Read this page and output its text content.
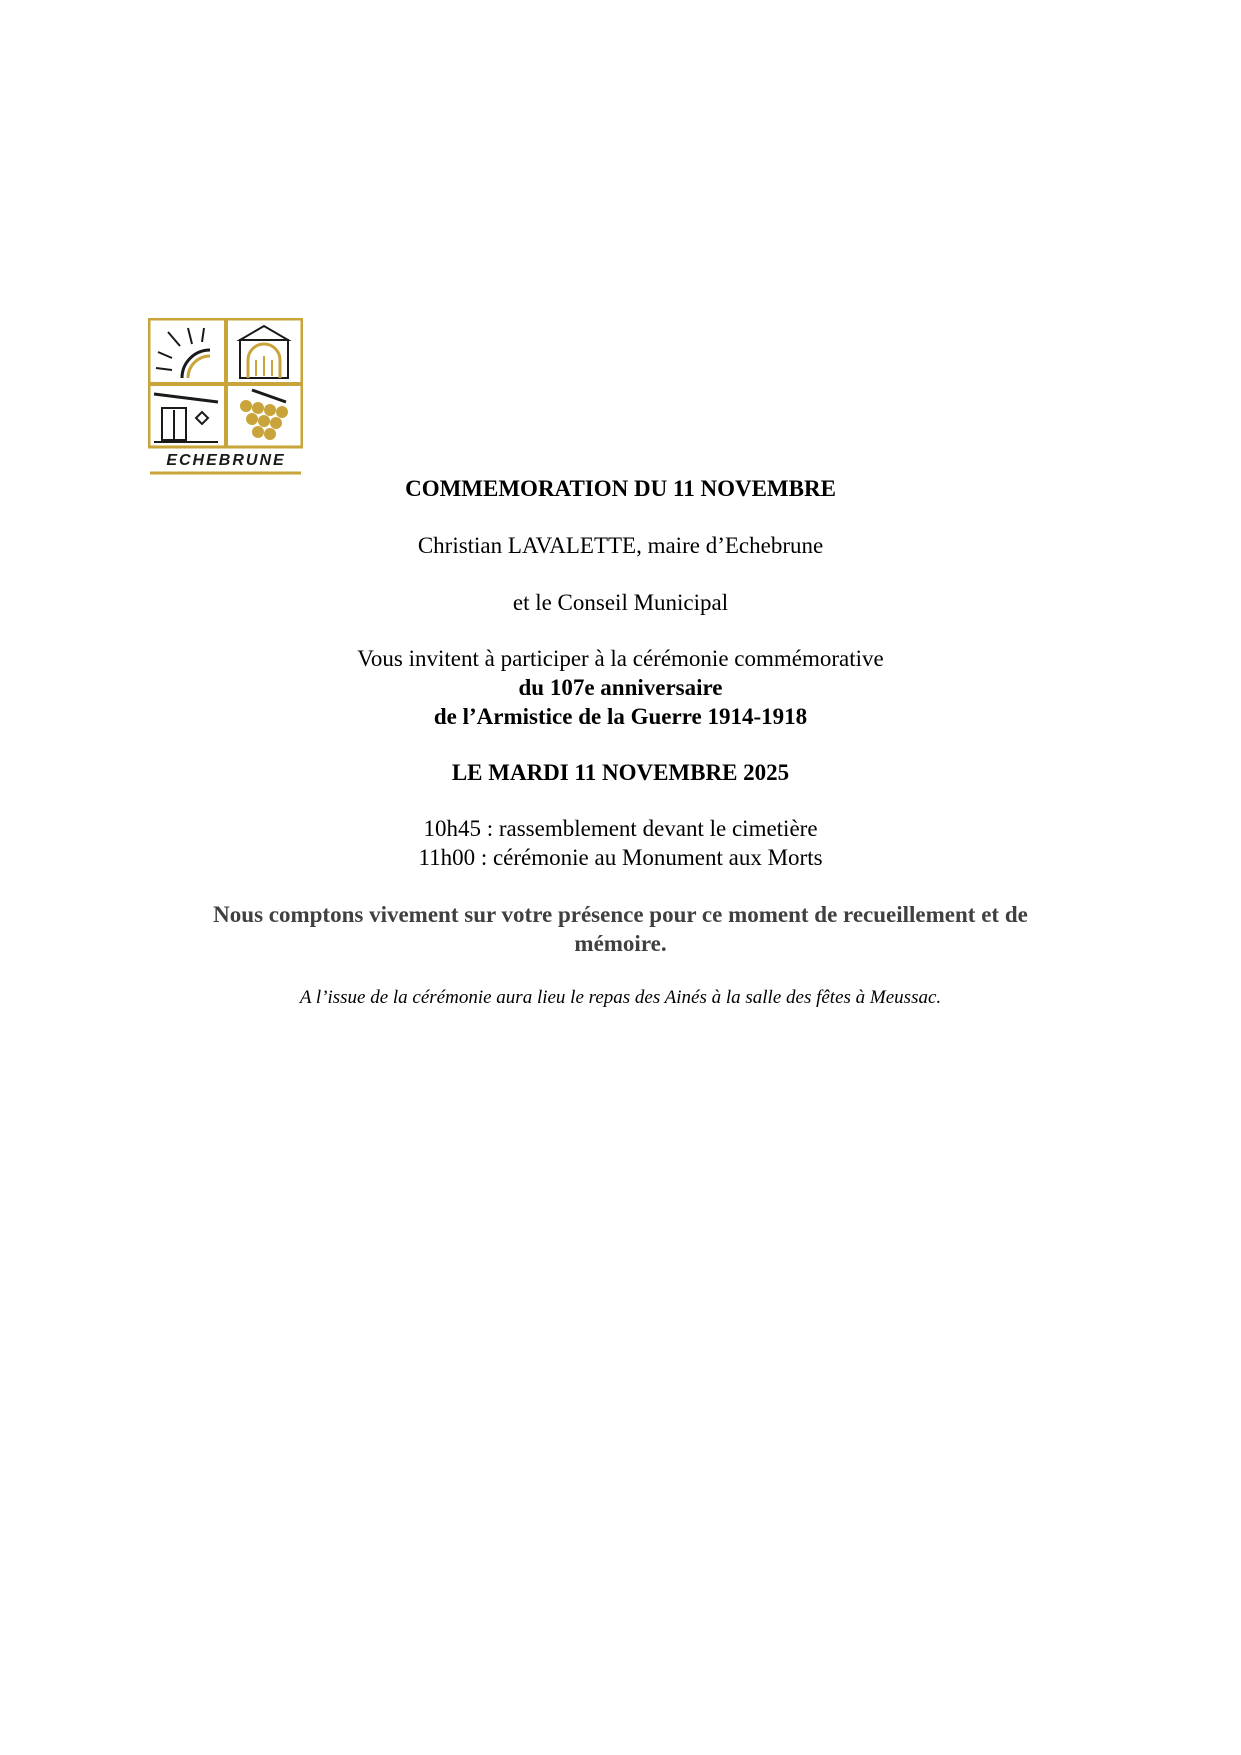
ECHEBRUNE

COMMEMORATION DU 11 NOVEMBRE

Christian LAVALETTE, maire d’Echebrune

et le Conseil Municipal

Vous invitent à participer à la cérémonie commémorative

du 107e anniversaire

de l’Armistice de la Guerre 1914-1918

LE MARDI 11 NOVEMBRE 2025

10h45 : rassemblement devant le cimetière

11h00 : cérémonie au Monument aux Morts

Nous comptons vivement sur votre présence pour ce moment de recueillement et de

mémoire.

A l’issue de la cérémonie aura lieu le repas des Ainés à la salle des fêtes à Meussac.
